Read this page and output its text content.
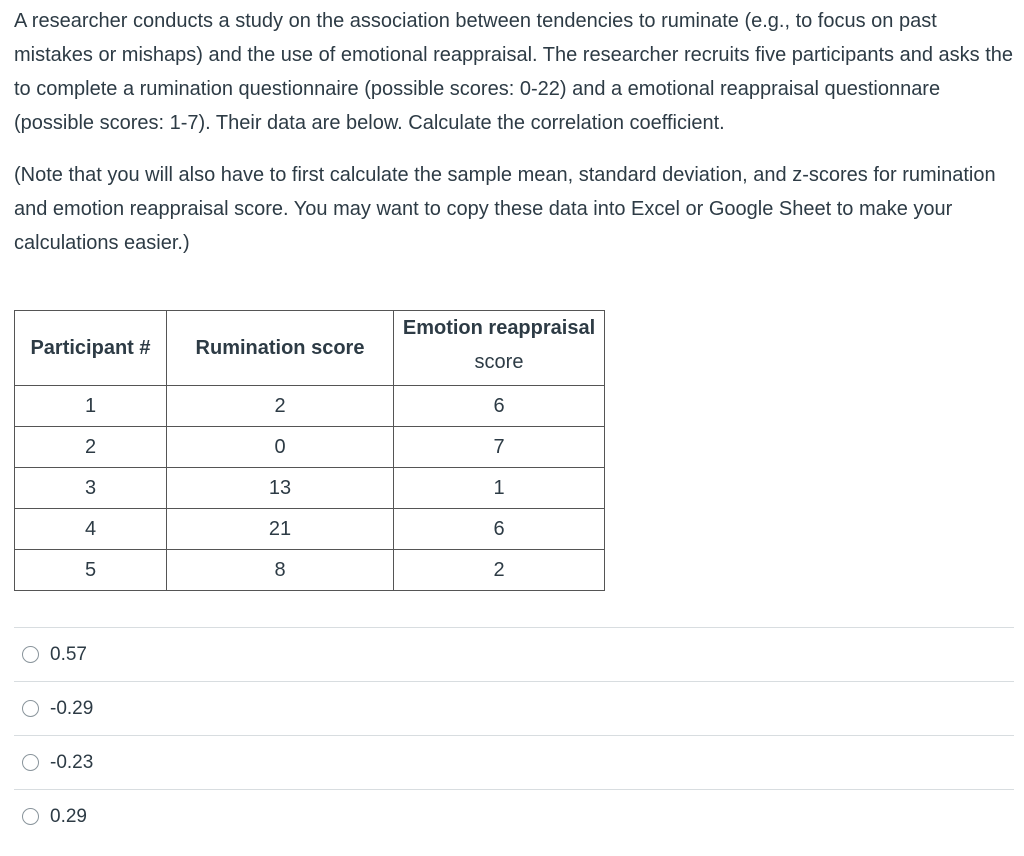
A researcher conducts a study on the association between tendencies to ruminate (e.g., to focus on past mistakes or mishaps) and the use of emotional reappraisal. The researcher recruits five participants and asks the to complete a rumination questionnaire (possible scores: 0-22) and a emotional reappraisal questionnare (possible scores: 1-7). Their data are below. Calculate the correlation coefficient.

(Note that you will also have to first calculate the sample mean, standard deviation, and z-scores for rumination and emotion reappraisal score. You may want to copy these data into Excel or Google Sheet to make your calculations easier.)

Participant #	Rumination score	Emotion reappraisal
score

1	2	6
2	0	7
3	13	1
4	21	6
5	8	2
0.57
-0.29
-0.23
0.29
